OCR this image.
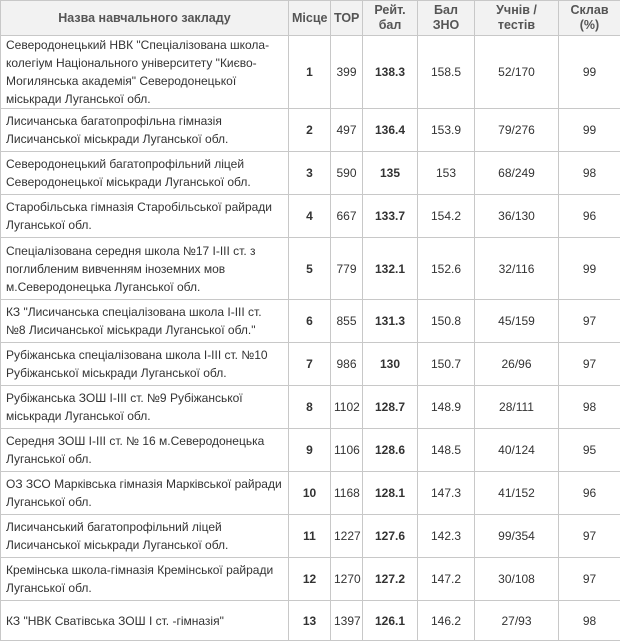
Назва навчального закладу	Місце	ТОР	Рейт. бал	Бал ЗНО	Учнів / тестів	Склав (%)
Северодонецький НВК "Спеціалізована школа-колегіум Національного університету "Києво-Могилянська академія" Северодонецької міськради Луганської обл.	1	399	138.3	158.5	52/170	99
Лисичанська багатопрофільна гімназія Лисичанської міськради Луганської обл.	2	497	136.4	153.9	79/276	99
Северодонецький багатопрофільний ліцей Северодонецької міськради Луганської обл.	3	590	135	153	68/249	98
Старобільська гімназія Старобільської райради Луганської обл.	4	667	133.7	154.2	36/130	96
Спеціалізована середня школа №17 І-ІІІ ст. з поглибленим вивченням іноземних мов м.Северодонецька Луганської обл.	5	779	132.1	152.6	32/116	99
КЗ "Лисичанська спеціалізована школа І-ІІІ ст. №8 Лисичанської міськради Луганської обл."	6	855	131.3	150.8	45/159	97
Рубіжанська спеціалізована школа І-ІІІ ст. №10 Рубіжанської міськради Луганської обл.	7	986	130	150.7	26/96	97
Рубіжанська ЗОШ І-ІІІ ст. №9 Рубіжанської міськради Луганської обл.	8	1102	128.7	148.9	28/111	98
Середня ЗОШ І-ІІІ ст. № 16 м.Северодонецька Луганської обл.	9	1106	128.6	148.5	40/124	95
ОЗ ЗСО Марківська гімназія Марківської райради Луганської обл.	10	1168	128.1	147.3	41/152	96
Лисичанський багатопрофільний ліцей Лисичанської міськради Луганської обл.	11	1227	127.6	142.3	99/354	97
Кремінська школа-гімназія Кремінської райради Луганської обл.	12	1270	127.2	147.2	30/108	97
КЗ "НВК Сватівська ЗОШ І ст. -гімназія"	13	1397	126.1	146.2	27/93	98
